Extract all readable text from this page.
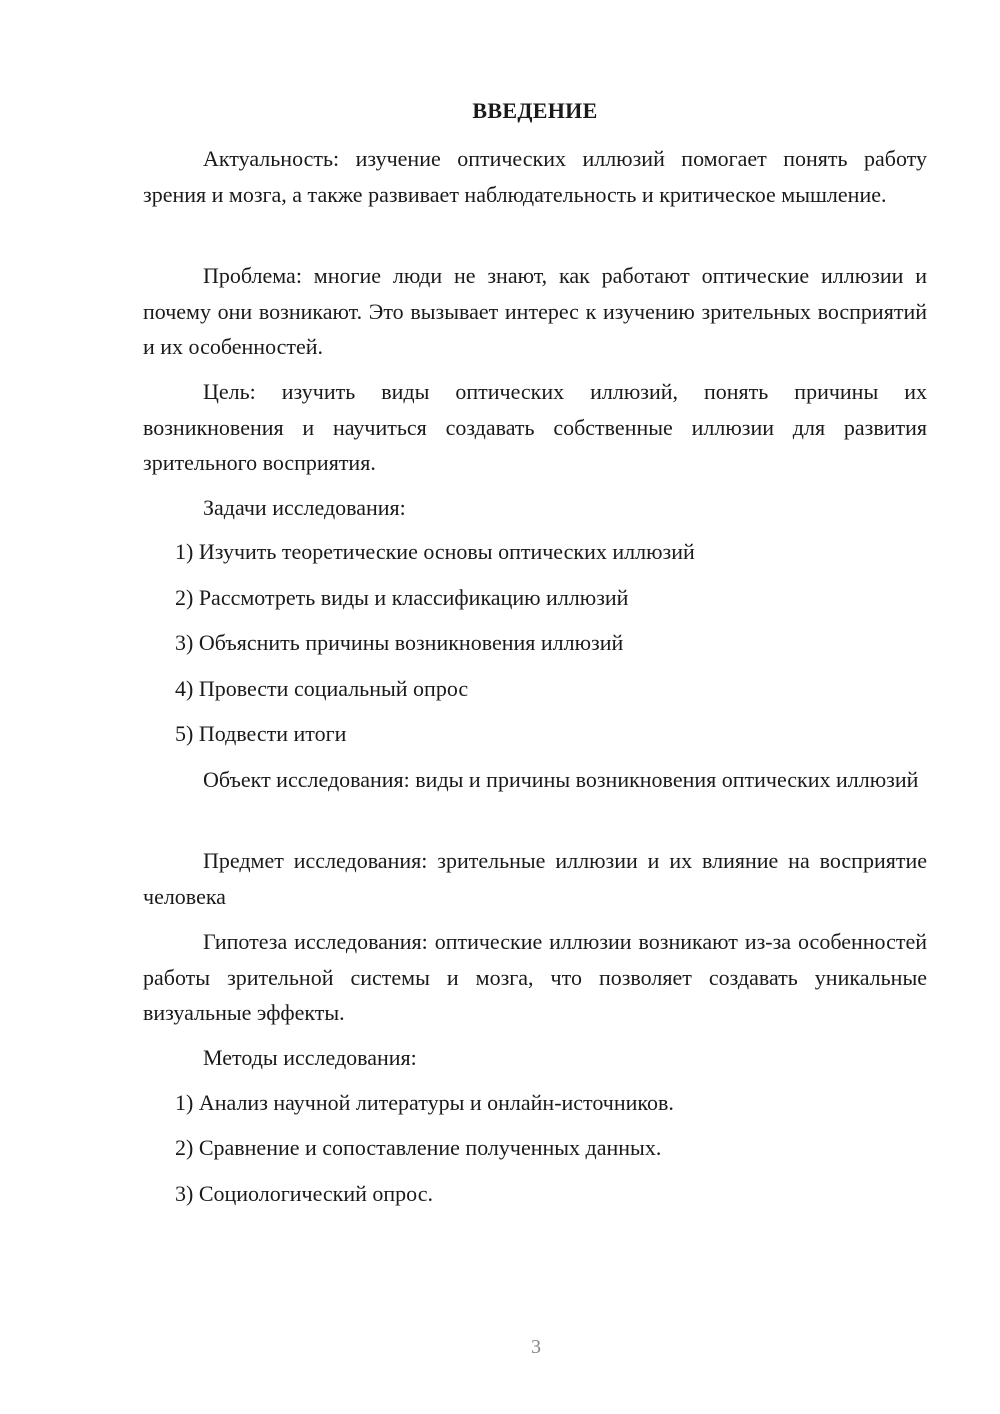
ВВЕДЕНИЕ

Актуальность: изучение оптических иллюзий помогает понять работу зрения и мозга, а также развивает наблюдательность и критическое мышление.

Проблема: многие люди не знают, как работают оптические иллюзии и почему они возникают. Это вызывает интерес к изучению зрительных восприятий и их особенностей.

Цель: изучить виды оптических иллюзий, понять причины их возникновения и научиться создавать собственные иллюзии для развития зрительного восприятия.

Задачи исследования:

1) Изучить теоретические основы оптических иллюзий

2) Рассмотреть виды и классификацию иллюзий

3) Объяснить причины возникновения иллюзий

4) Провести социальный опрос

5) Подвести итоги

Объект исследования: виды и причины возникновения оптических иллюзий

Предмет исследования: зрительные иллюзии и их влияние на восприятие человека

Гипотеза исследования: оптические иллюзии возникают из-за особенностей работы зрительной системы и мозга, что позволяет создавать уникальные визуальные эффекты.

Методы исследования:

1) Анализ научной литературы и онлайн-источников.

2) Сравнение и сопоставление полученных данных.

3) Социологический опрос.

3
